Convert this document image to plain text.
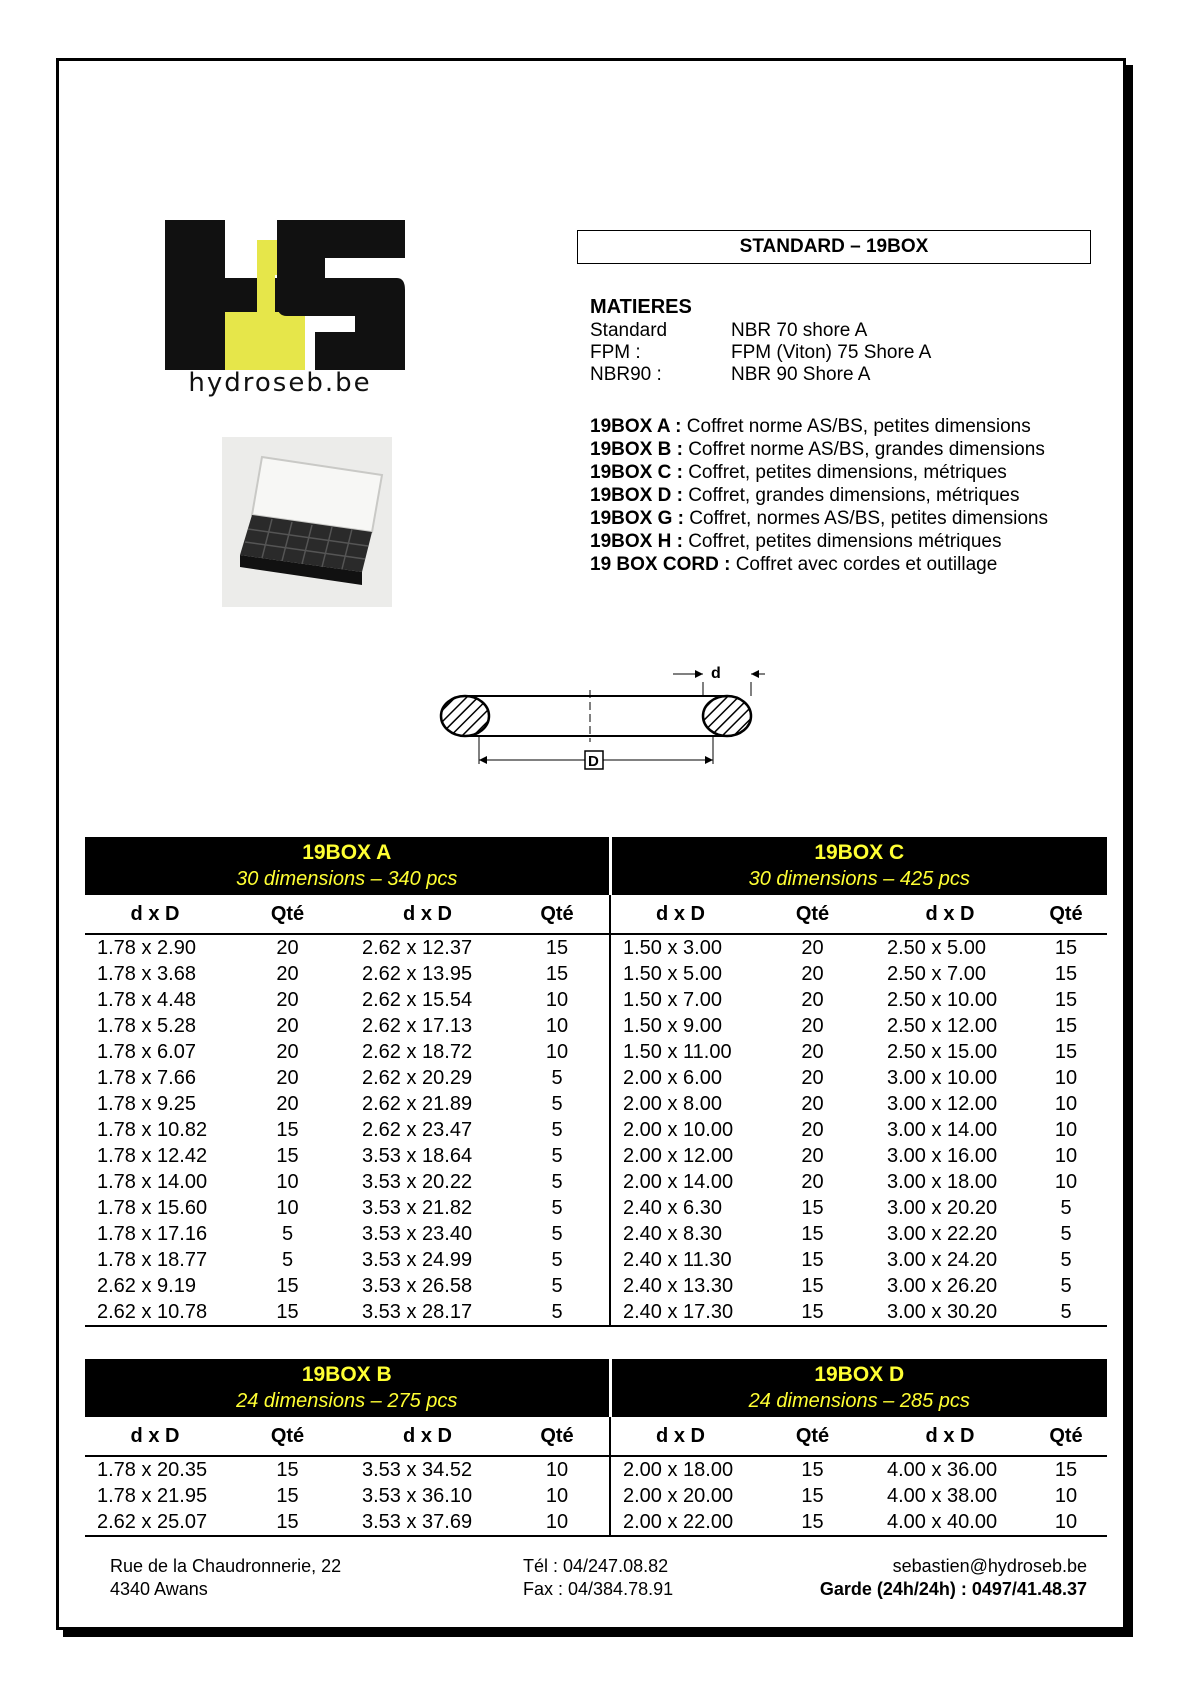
hydroseb.be
STANDARD – 19BOX
MATIERES
Standard	NBR 70 shore A
FPM :	FPM (Viton) 75 Shore A
NBR90 :	NBR 90 Shore A
19BOX A : Coffret norme AS/BS, petites dimensions
19BOX B : Coffret norme AS/BS, grandes dimensions
19BOX C : Coffret, petites dimensions, métriques
19BOX D : Coffret, grandes dimensions, métriques
19BOX G : Coffret, normes AS/BS, petites dimensions
19BOX H : Coffret, petites dimensions métriques
19 BOX CORD : Coffret avec cordes et outillage
d
D
19BOX A
30 dimensions – 340 pcs				19BOX C
30 dimensions – 425 pcs			

d x D	Qté	d x D	Qté	d x D	Qté	d x D	Qté
1.78 x 2.90	20	2.62 x 12.37	15	1.50 x 3.00	20	2.50 x 5.00	15
1.78 x 3.68	20	2.62 x 13.95	15	1.50 x 5.00	20	2.50 x 7.00	15
1.78 x 4.48	20	2.62 x 15.54	10	1.50 x 7.00	20	2.50 x 10.00	15
1.78 x 5.28	20	2.62 x 17.13	10	1.50 x 9.00	20	2.50 x 12.00	15
1.78 x 6.07	20	2.62 x 18.72	10	1.50 x 11.00	20	2.50 x 15.00	15
1.78 x 7.66	20	2.62 x 20.29	5	2.00 x 6.00	20	3.00 x 10.00	10
1.78 x 9.25	20	2.62 x 21.89	5	2.00 x 8.00	20	3.00 x 12.00	10
1.78 x 10.82	15	2.62 x 23.47	5	2.00 x 10.00	20	3.00 x 14.00	10
1.78 x 12.42	15	3.53 x 18.64	5	2.00 x 12.00	20	3.00 x 16.00	10
1.78 x 14.00	10	3.53 x 20.22	5	2.00 x 14.00	20	3.00 x 18.00	10
1.78 x 15.60	10	3.53 x 21.82	5	2.40 x 6.30	15	3.00 x 20.20	5
1.78 x 17.16	5	3.53 x 23.40	5	2.40 x 8.30	15	3.00 x 22.20	5
1.78 x 18.77	5	3.53 x 24.99	5	2.40 x 11.30	15	3.00 x 24.20	5
2.62 x 9.19	15	3.53 x 26.58	5	2.40 x 13.30	15	3.00 x 26.20	5
2.62 x 10.78	15	3.53 x 28.17	5	2.40 x 17.30	15	3.00 x 30.20	5
19BOX B
24 dimensions – 275 pcs				19BOX D
24 dimensions – 285 pcs			

d x D	Qté	d x D	Qté	d x D	Qté	d x D	Qté
1.78 x 20.35	15	3.53 x 34.52	10	2.00 x 18.00	15	4.00 x 36.00	15
1.78 x 21.95	15	3.53 x 36.10	10	2.00 x 20.00	15	4.00 x 38.00	10
2.62 x 25.07	15	3.53 x 37.69	10	2.00 x 22.00	15	4.00 x 40.00	10
Rue de la Chaudronnerie, 22
4340 Awans
Tél : 04/247.08.82
Fax : 04/384.78.91
sebastien@hydroseb.be
Garde (24h/24h) : 0497/41.48.37
